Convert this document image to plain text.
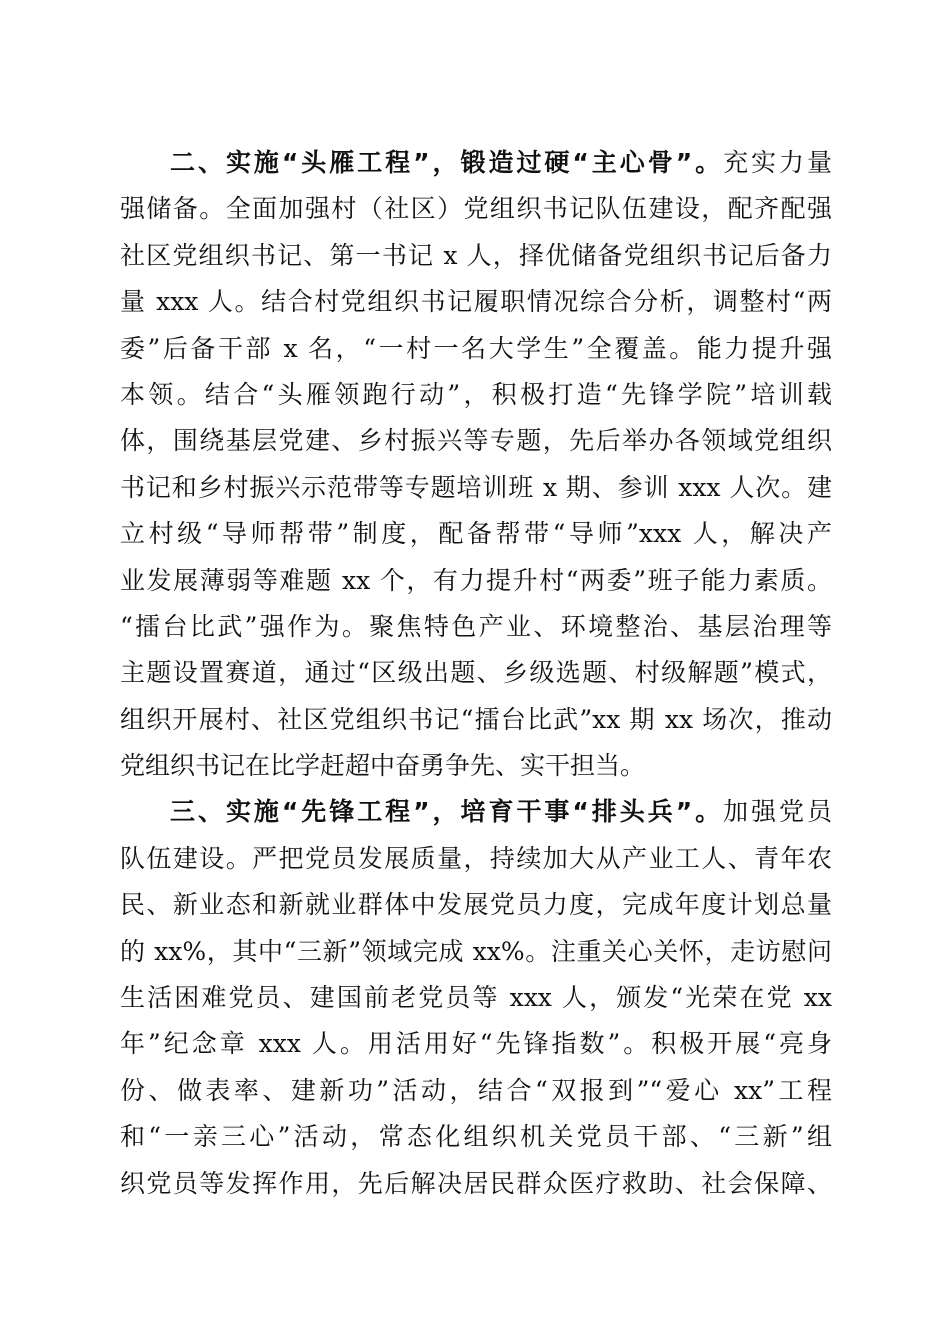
二、实施“头雁工程”，锻造过硬“主心骨”。充实力量
强储备。全面加强村（社区）党组织书记队伍建设，配齐配强
社区党组织书记、第一书记 x 人，择优储备党组织书记后备力
量 xxx 人。结合村党组织书记履职情况综合分析，调整村“两
委”后备干部 x 名，“一村一名大学生”全覆盖。能力提升强
本领。结合“头雁领跑行动”，积极打造“先锋学院”培训载
体，围绕基层党建、乡村振兴等专题，先后举办各领域党组织
书记和乡村振兴示范带等专题培训班 x 期、参训 xxx 人次。建
立村级“导师帮带”制度，配备帮带“导师”xxx 人，解决产
业发展薄弱等难题 xx 个，有力提升村“两委”班子能力素质。
“擂台比武”强作为。聚焦特色产业、环境整治、基层治理等
主题设置赛道，通过“区级出题、乡级选题、村级解题”模式，
组织开展村、社区党组织书记“擂台比武”xx 期 xx 场次，推动
党组织书记在比学赶超中奋勇争先、实干担当。
三、实施“先锋工程”，培育干事“排头兵”。加强党员
队伍建设。严把党员发展质量，持续加大从产业工人、青年农
民、新业态和新就业群体中发展党员力度，完成年度计划总量
的 xx%，其中“三新”领域完成 xx%。注重关心关怀，走访慰问
生活困难党员、建国前老党员等 xxx 人，颁发“光荣在党 xx
年”纪念章 xxx 人。用活用好“先锋指数”。积极开展“亮身
份、做表率、建新功”活动，结合“双报到”“爱心 xx”工程
和“一亲三心”活动，常态化组织机关党员干部、“三新”组
织党员等发挥作用，先后解决居民群众医疗救助、社会保障、
